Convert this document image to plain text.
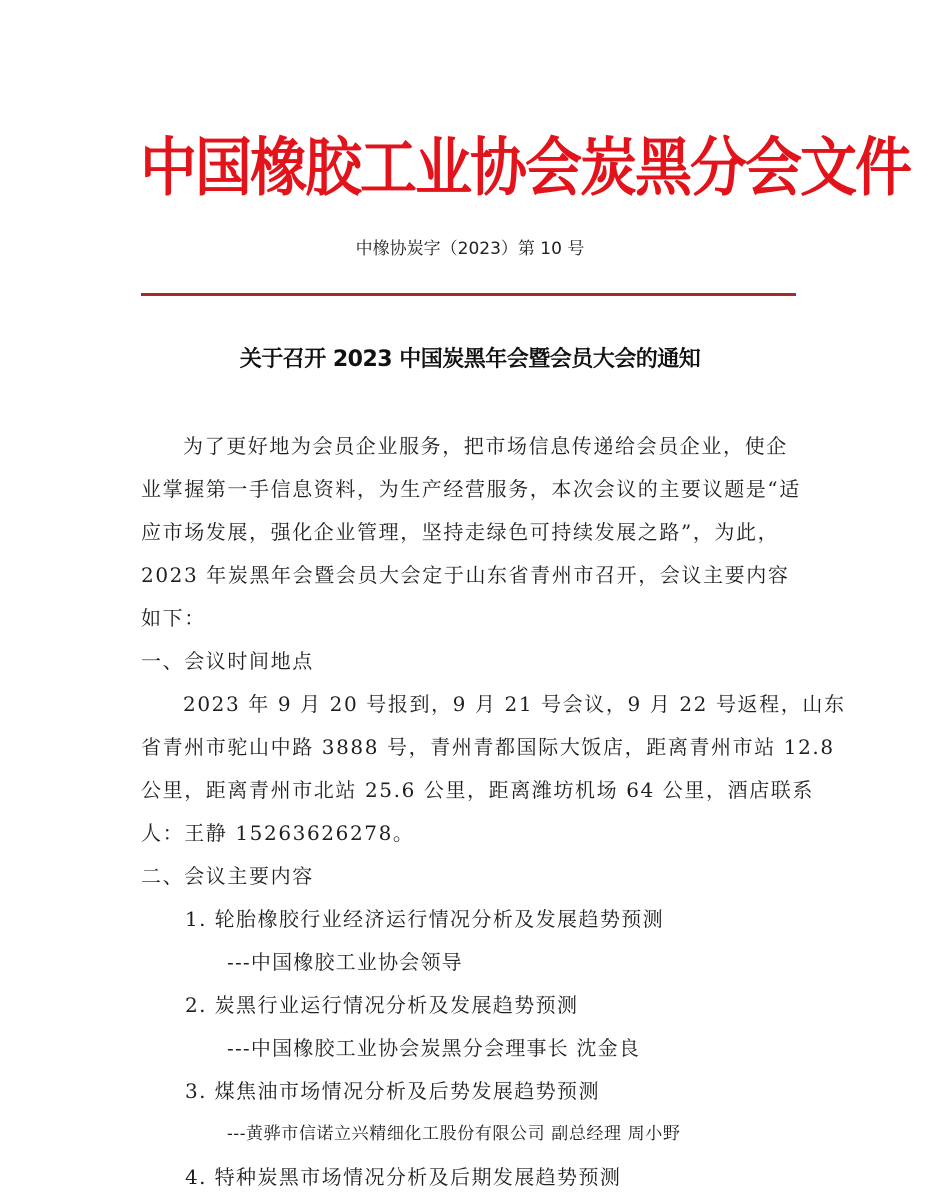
中国橡胶工业协会炭黑分会文件
中橡协炭字（2023）第 10 号
关于召开 2023 中国炭黑年会暨会员大会的通知

为了更好地为会员企业服务，把市场信息传递给会员企业，使企
业掌握第一手信息资料，为生产经营服务，本次会议的主要议题是“适
应市场发展，强化企业管理，坚持走绿色可持续发展之路”，为此，
2023 年炭黑年会暨会员大会定于山东省青州市召开，会议主要内容
如下：

一、会议时间地点

2023 年 9 月 20 号报到，9 月 21 号会议，9 月 22 号返程，山东
省青州市驼山中路 3888 号，青州青都国际大饭店，距离青州市站 12.8
公里，距离青州市北站 25.6 公里，距离潍坊机场 64 公里，酒店联系
人：王静 15263626278。

二、会议主要内容

1. 轮胎橡胶行业经济运行情况分析及发展趋势预测

---中国橡胶工业协会领导

2. 炭黑行业运行情况分析及发展趋势预测

---中国橡胶工业协会炭黑分会理事长 沈金良

3. 煤焦油市场情况分析及后势发展趋势预测

---黄骅市信诺立兴精细化工股份有限公司 副总经理 周小野

4. 特种炭黑市场情况分析及后期发展趋势预测
